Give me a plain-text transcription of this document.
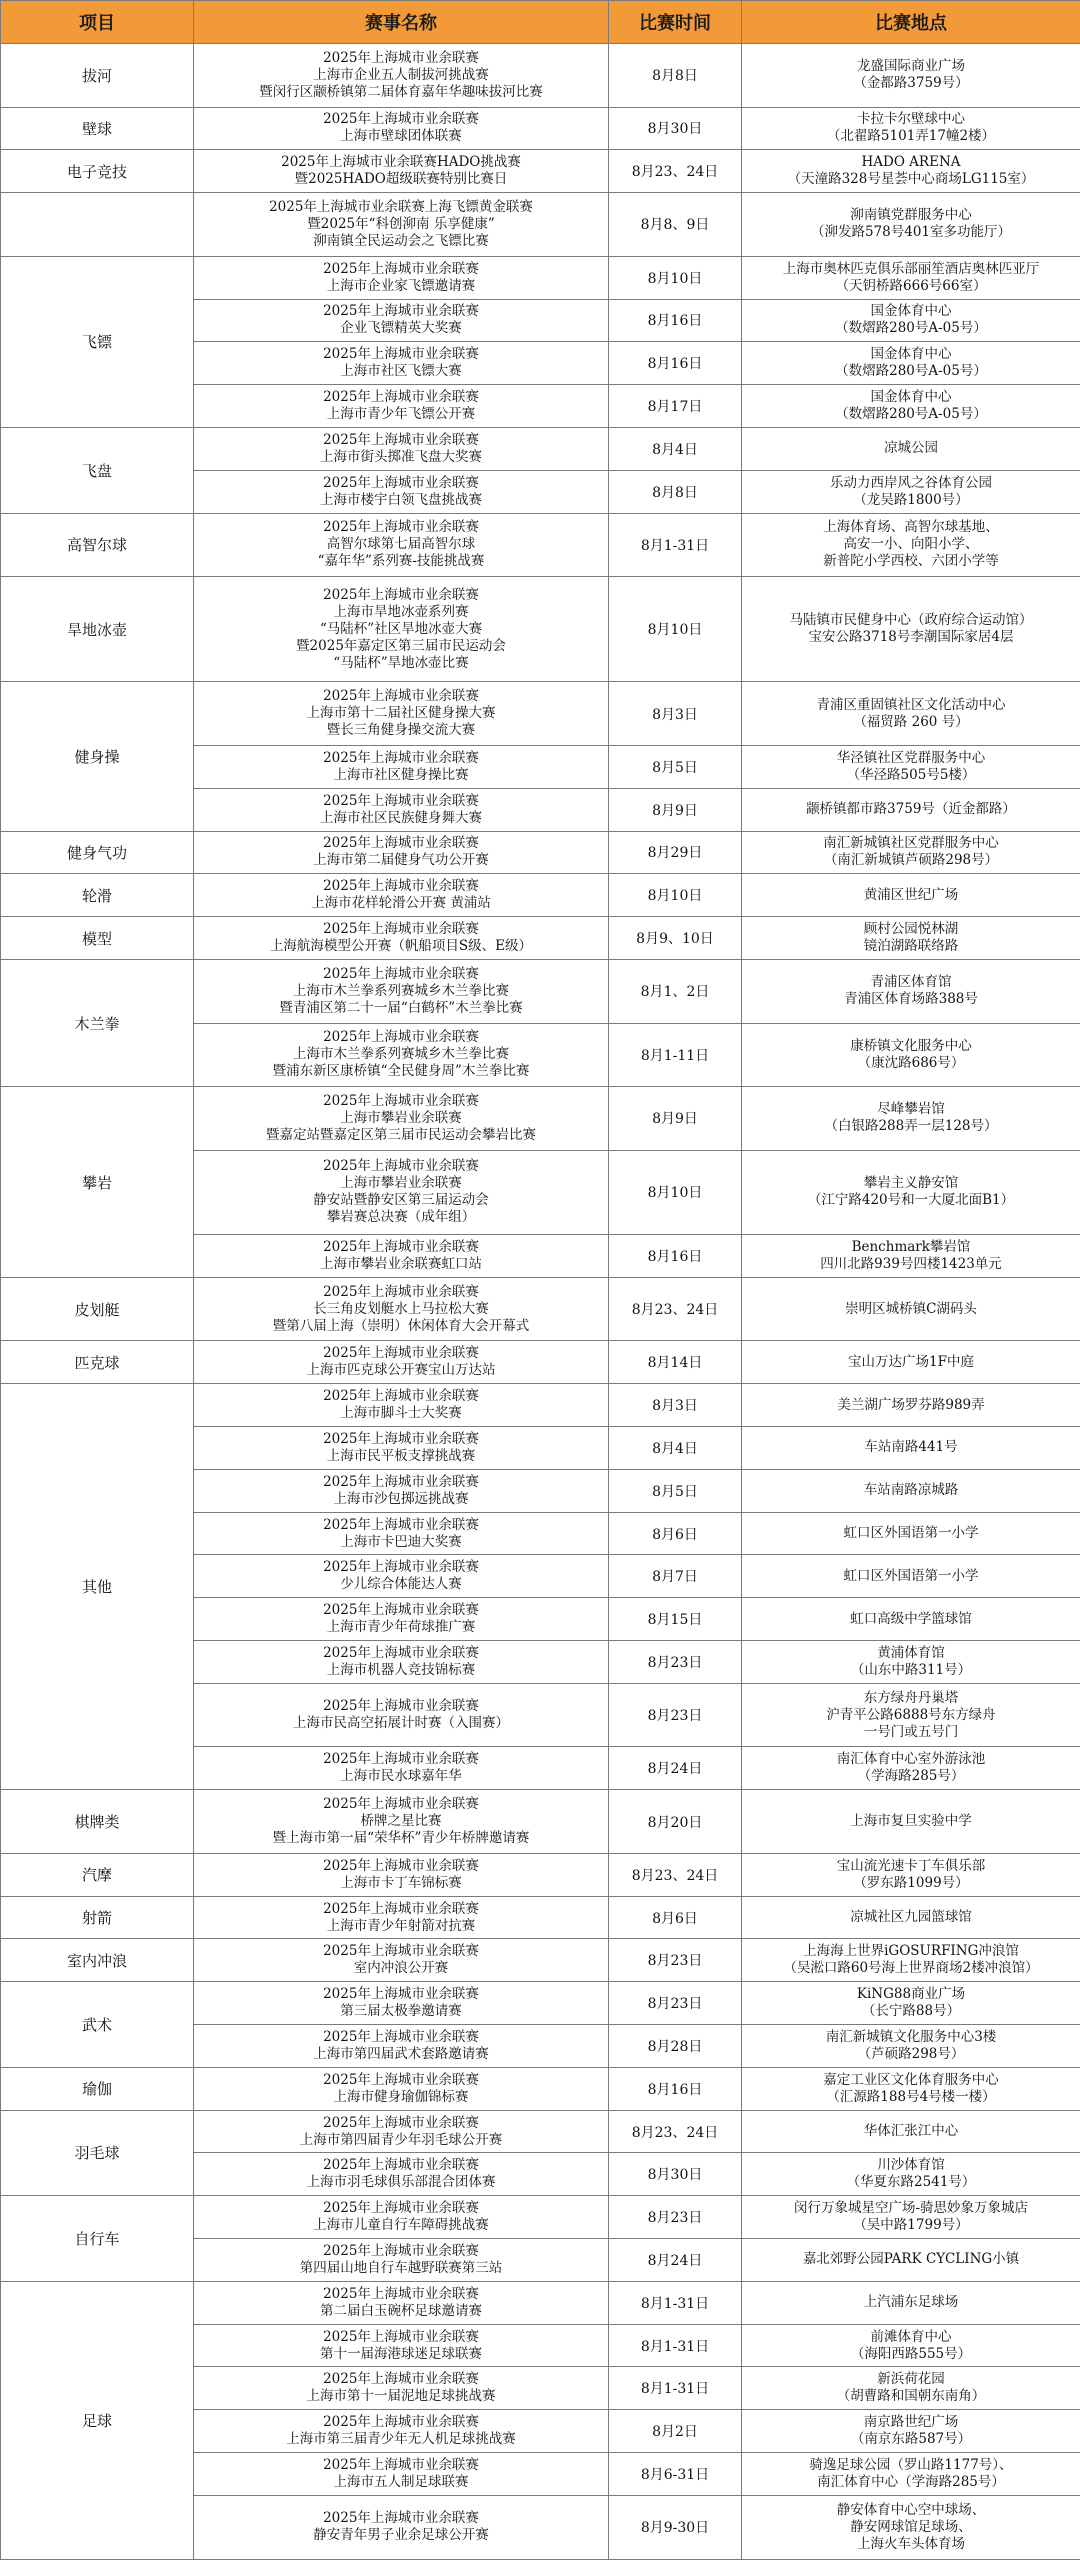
项目	赛事名称	比赛时间	比赛地点
拔河	2025年上海城市业余联赛
上海市企业五人制拔河挑战赛
暨闵行区颛桥镇第二届体育嘉年华趣味拔河比赛	8月8日	龙盛国际商业广场
（金都路3759号）
壁球	2025年上海城市业余联赛
上海市壁球团体联赛	8月30日	卡拉卡尔壁球中心
（北翟路5101弄17幢2楼）
电子竞技	2025年上海城市业余联赛HADO挑战赛
暨2025HADO超级联赛特别比赛日	8月23、24日	HADO ARENA
（天潼路328号星荟中心商场LG115室）
	2025年上海城市业余联赛上海飞镖黄金联赛
暨2025年“科创泖南 乐享健康”
泖南镇全民运动会之飞镖比赛	8月8、9日	泖南镇党群服务中心
（泖发路578号401室多功能厅）
飞镖	2025年上海城市业余联赛
上海市企业家飞镖邀请赛	8月10日	上海市奥林匹克俱乐部丽笙酒店奥林匹亚厅
（天钥桥路666号66室）
	2025年上海城市业余联赛
企业飞镖精英大奖赛	8月16日	国金体育中心
（数熠路280号A-05号）
	2025年上海城市业余联赛
上海市社区飞镖大赛	8月16日	国金体育中心
（数熠路280号A-05号）
	2025年上海城市业余联赛
上海市青少年飞镖公开赛	8月17日	国金体育中心
（数熠路280号A-05号）
飞盘	2025年上海城市业余联赛
上海市街头掷准飞盘大奖赛	8月4日	凉城公园
	2025年上海城市业余联赛
上海市楼宇白领飞盘挑战赛	8月8日	乐动力西岸风之谷体育公园
（龙吴路1800号）
高智尔球	2025年上海城市业余联赛
高智尔球第七届高智尔球
“嘉年华”系列赛-技能挑战赛	8月1-31日	上海体育场、高智尔球基地、
高安一小、向阳小学、
新普陀小学西校、六团小学等
旱地冰壶	2025年上海城市业余联赛
上海市旱地冰壶系列赛
“马陆杯”社区旱地冰壶大赛
暨2025年嘉定区第三届市民运动会
“马陆杯”旱地冰壶比赛	8月10日	马陆镇市民健身中心（政府综合运动馆）
宝安公路3718号李潮国际家居4层
健身操	2025年上海城市业余联赛
上海市第十二届社区健身操大赛
暨长三角健身操交流大赛	8月3日	青浦区重固镇社区文化活动中心
（福贸路 260 号）
	2025年上海城市业余联赛
上海市社区健身操比赛	8月5日	华泾镇社区党群服务中心
（华泾路505号5楼）
	2025年上海城市业余联赛
上海市社区民族健身舞大赛	8月9日	颛桥镇都市路3759号（近金都路）
健身气功	2025年上海城市业余联赛
上海市第二届健身气功公开赛	8月29日	南汇新城镇社区党群服务中心
（南汇新城镇芦硕路298号）
轮滑	2025年上海城市业余联赛
上海市花样轮滑公开赛 黄浦站	8月10日	黄浦区世纪广场
模型	2025年上海城市业余联赛
上海航海模型公开赛（帆船项目S级、E级）	8月9、10日	顾村公园悦林湖
镜泊湖路联络路
木兰拳	2025年上海城市业余联赛
上海市木兰拳系列赛城乡木兰拳比赛
暨青浦区第二十一届“白鹤杯”木兰拳比赛	8月1、2日	青浦区体育馆
青浦区体育场路388号
	2025年上海城市业余联赛
上海市木兰拳系列赛城乡木兰拳比赛
暨浦东新区康桥镇“全民健身周”木兰拳比赛	8月1-11日	康桥镇文化服务中心
（康沈路686号）
攀岩	2025年上海城市业余联赛
上海市攀岩业余联赛
暨嘉定站暨嘉定区第三届市民运动会攀岩比赛	8月9日	尽峰攀岩馆
（白银路288弄一层128号）
	2025年上海城市业余联赛
上海市攀岩业余联赛
静安站暨静安区第三届运动会
攀岩赛总决赛（成年组）	8月10日	攀岩主义静安馆
（江宁路420号和一大厦北面B1）
	2025年上海城市业余联赛
上海市攀岩业余联赛虹口站	8月16日	Benchmark攀岩馆
四川北路939号四楼1423单元
皮划艇	2025年上海城市业余联赛
长三角皮划艇水上马拉松大赛
暨第八届上海（崇明）休闲体育大会开幕式	8月23、24日	崇明区城桥镇C湖码头
匹克球	2025年上海城市业余联赛
上海市匹克球公开赛宝山万达站	8月14日	宝山万达广场1F中庭
其他	2025年上海城市业余联赛
上海市脚斗士大奖赛	8月3日	美兰湖广场罗芬路989弄
	2025年上海城市业余联赛
上海市民平板支撑挑战赛	8月4日	车站南路441号
	2025年上海城市业余联赛
上海市沙包掷远挑战赛	8月5日	车站南路凉城路
	2025年上海城市业余联赛
上海市卡巴迪大奖赛	8月6日	虹口区外国语第一小学
	2025年上海城市业余联赛
少儿综合体能达人赛	8月7日	虹口区外国语第一小学
	2025年上海城市业余联赛
上海市青少年荷球推广赛	8月15日	虹口高级中学篮球馆
	2025年上海城市业余联赛
上海市机器人竞技锦标赛	8月23日	黄浦体育馆
（山东中路311号）
	2025年上海城市业余联赛
上海市民高空拓展计时赛（入围赛）	8月23日	东方绿舟丹巢塔
沪青平公路6888号东方绿舟
一号门或五号门
	2025年上海城市业余联赛
上海市民水球嘉年华	8月24日	南汇体育中心室外游泳池
（学海路285号）
棋牌类	2025年上海城市业余联赛
桥牌之星比赛
暨上海市第一届“荣华杯”青少年桥牌邀请赛	8月20日	上海市复旦实验中学
汽摩	2025年上海城市业余联赛
上海市卡丁车锦标赛	8月23、24日	宝山流光速卡丁车俱乐部
（罗东路1099号）
射箭	2025年上海城市业余联赛
上海市青少年射箭对抗赛	8月6日	凉城社区九园篮球馆
室内冲浪	2025年上海城市业余联赛
室内冲浪公开赛	8月23日	上海海上世界iGOSURFING冲浪馆
（吴淞口路60号海上世界商场2楼冲浪馆）
武术	2025年上海城市业余联赛
第三届太极拳邀请赛	8月23日	KiNG88商业广场
（长宁路88号）
	2025年上海城市业余联赛
上海市第四届武术套路邀请赛	8月28日	南汇新城镇文化服务中心3楼
（芦硕路298号）
瑜伽	2025年上海城市业余联赛
上海市健身瑜伽锦标赛	8月16日	嘉定工业区文化体育服务中心
（汇源路188号4号楼一楼）
羽毛球	2025年上海城市业余联赛
上海市第四届青少年羽毛球公开赛	8月23、24日	华体汇张江中心
	2025年上海城市业余联赛
上海市羽毛球俱乐部混合团体赛	8月30日	川沙体育馆
（华夏东路2541号）
自行车	2025年上海城市业余联赛
上海市儿童自行车障碍挑战赛	8月23日	闵行万象城星空广场-骑思妙象万象城店
（吴中路1799号）
	2025年上海城市业余联赛
第四届山地自行车越野联赛第三站	8月24日	嘉北郊野公园PARK CYCLING小镇
足球	2025年上海城市业余联赛
第二届白玉碗杯足球邀请赛	8月1-31日	上汽浦东足球场
	2025年上海城市业余联赛
第十一届海港球迷足球联赛	8月1-31日	前滩体育中心
（海阳西路555号）
	2025年上海城市业余联赛
上海市第十一届泥地足球挑战赛	8月1-31日	新浜荷花园
（胡曹路和国朝东南角）
	2025年上海城市业余联赛
上海市第三届青少年无人机足球挑战赛	8月2日	南京路世纪广场
（南京东路587号）
	2025年上海城市业余联赛
上海市五人制足球联赛	8月6-31日	骑逸足球公园（罗山路1177号）、
南汇体育中心（学海路285号）
	2025年上海城市业余联赛
静安青年男子业余足球公开赛	8月9-30日	静安体育中心空中球场、
静安网球馆足球场、
上海火车头体育场
